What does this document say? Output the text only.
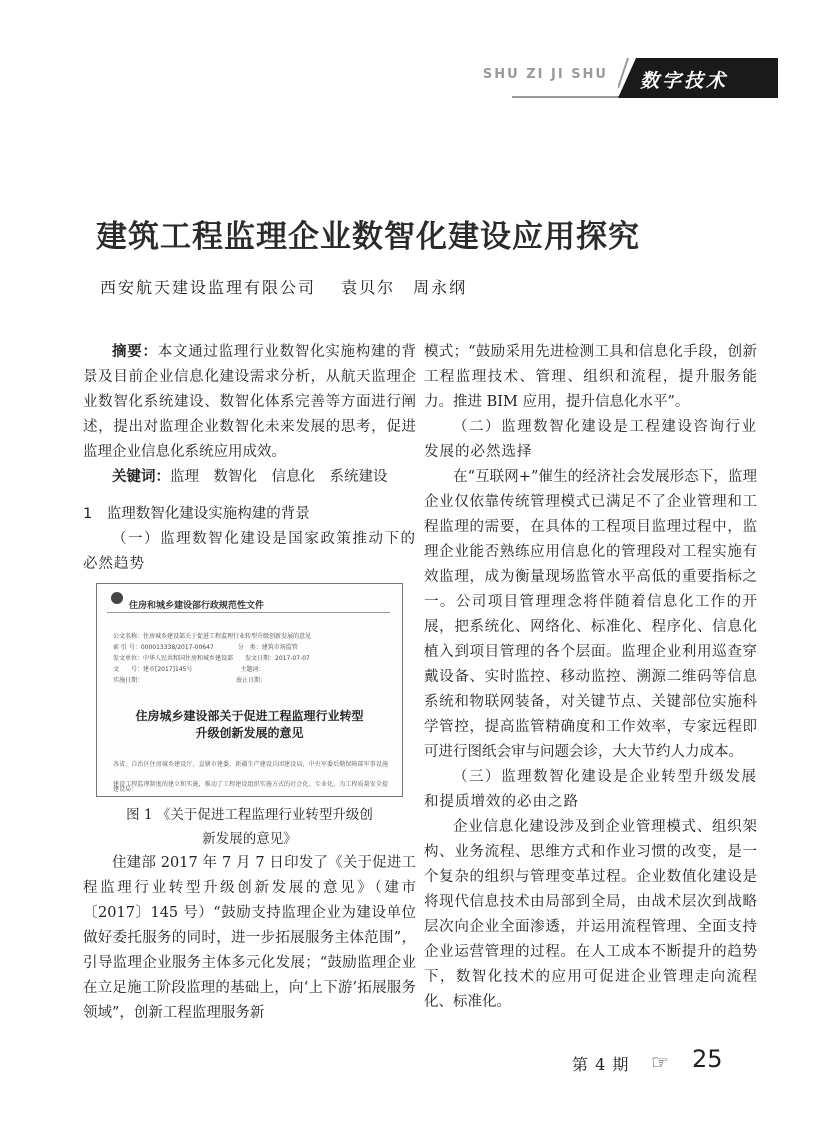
SHU ZI JI SHU 数字技术
建筑工程监理企业数智化建设应用探究
西安航天建设监理有限公司　 袁贝尔　周永纲

摘要：本文通过监理行业数智化实施构建的背景及目前企业信息化建设需求分析，从航天监理企业数智化系统建设、数智化体系完善等方面进行阐述，提出对监理企业数智化未来发展的思考，促进监理企业信息化系统应用成效。

关键词：监理　数智化　信息化　系统建设

1　监理数智化建设实施构建的背景

（一）监理数智化建设是国家政策推动下的必然趋势

住房和城乡建设部行政规范性文件
公文名称：住房城乡建设部关于促进工程监理行业转型升级创新发展的意见
索 引 号：000013338/2017-00647　　　　分　类：建筑市场监管
发文单位：中华人民共和国住房和城乡建设部　　发文日期：2017-07-07
文　　号：建市[2017]145号　　　　　　　　主题词：
实施日期：　　　　　　　　　　　　　　　　废止日期：
住房城乡建设部关于促进工程监理行业转型升级创新发展的意见
各省、自治区住房城乡建设厅，直辖市建委，新疆生产建设兵团建设局，中央军委后勤保障部军事设施建设局：
建设工程监理制度的建立和实施，推动了工程建设组织实施方式的社会化、专业化，为工程质量安全提

图 1 《关于促进工程监理行业转型升级创新发展的意见》

住建部 2017 年 7 月 7 日印发了《关于促进工程监理行业转型升级创新发展的意见》（建市〔2017〕145 号）“鼓励支持监理企业为建设单位做好委托服务的同时，进一步拓展服务主体范围”，引导监理企业服务主体多元化发展；“鼓励监理企业在立足施工阶段监理的基础上，向‘上下游’拓展服务领域”，创新工程监理服务新

模式；“鼓励采用先进检测工具和信息化手段，创新工程监理技术、管理、组织和流程，提升服务能力。推进 BIM 应用，提升信息化水平”。

（二）监理数智化建设是工程建设咨询行业发展的必然选择

在“互联网+”催生的经济社会发展形态下，监理企业仅依靠传统管理模式已满足不了企业管理和工程监理的需要，在具体的工程项目监理过程中，监理企业能否熟练应用信息化的管理段对工程实施有效监理，成为衡量现场监管水平高低的重要指标之一。公司项目管理理念将伴随着信息化工作的开展，把系统化、网络化、标准化、程序化、信息化植入到项目管理的各个层面。监理企业利用巡查穿戴设备、实时监控、移动监控、溯源二维码等信息系统和物联网装备，对关键节点、关键部位实施科学管控，提高监管精确度和工作效率，专家远程即可进行图纸会审与问题会诊，大大节约人力成本。

（三）监理数智化建设是企业转型升级发展和提质增效的必由之路

企业信息化建设涉及到企业管理模式、组织架构、业务流程、思维方式和作业习惯的改变，是一个复杂的组织与管理变革过程。企业数值化建设是将现代信息技术由局部到全局，由战术层次到战略层次向企业全面渗透，并运用流程管理、全面支持企业运营管理的过程。在人工成本不断提升的趋势下，数智化技术的应用可促进企业管理走向流程化、标准化。

第 4 期 ☞ 25
